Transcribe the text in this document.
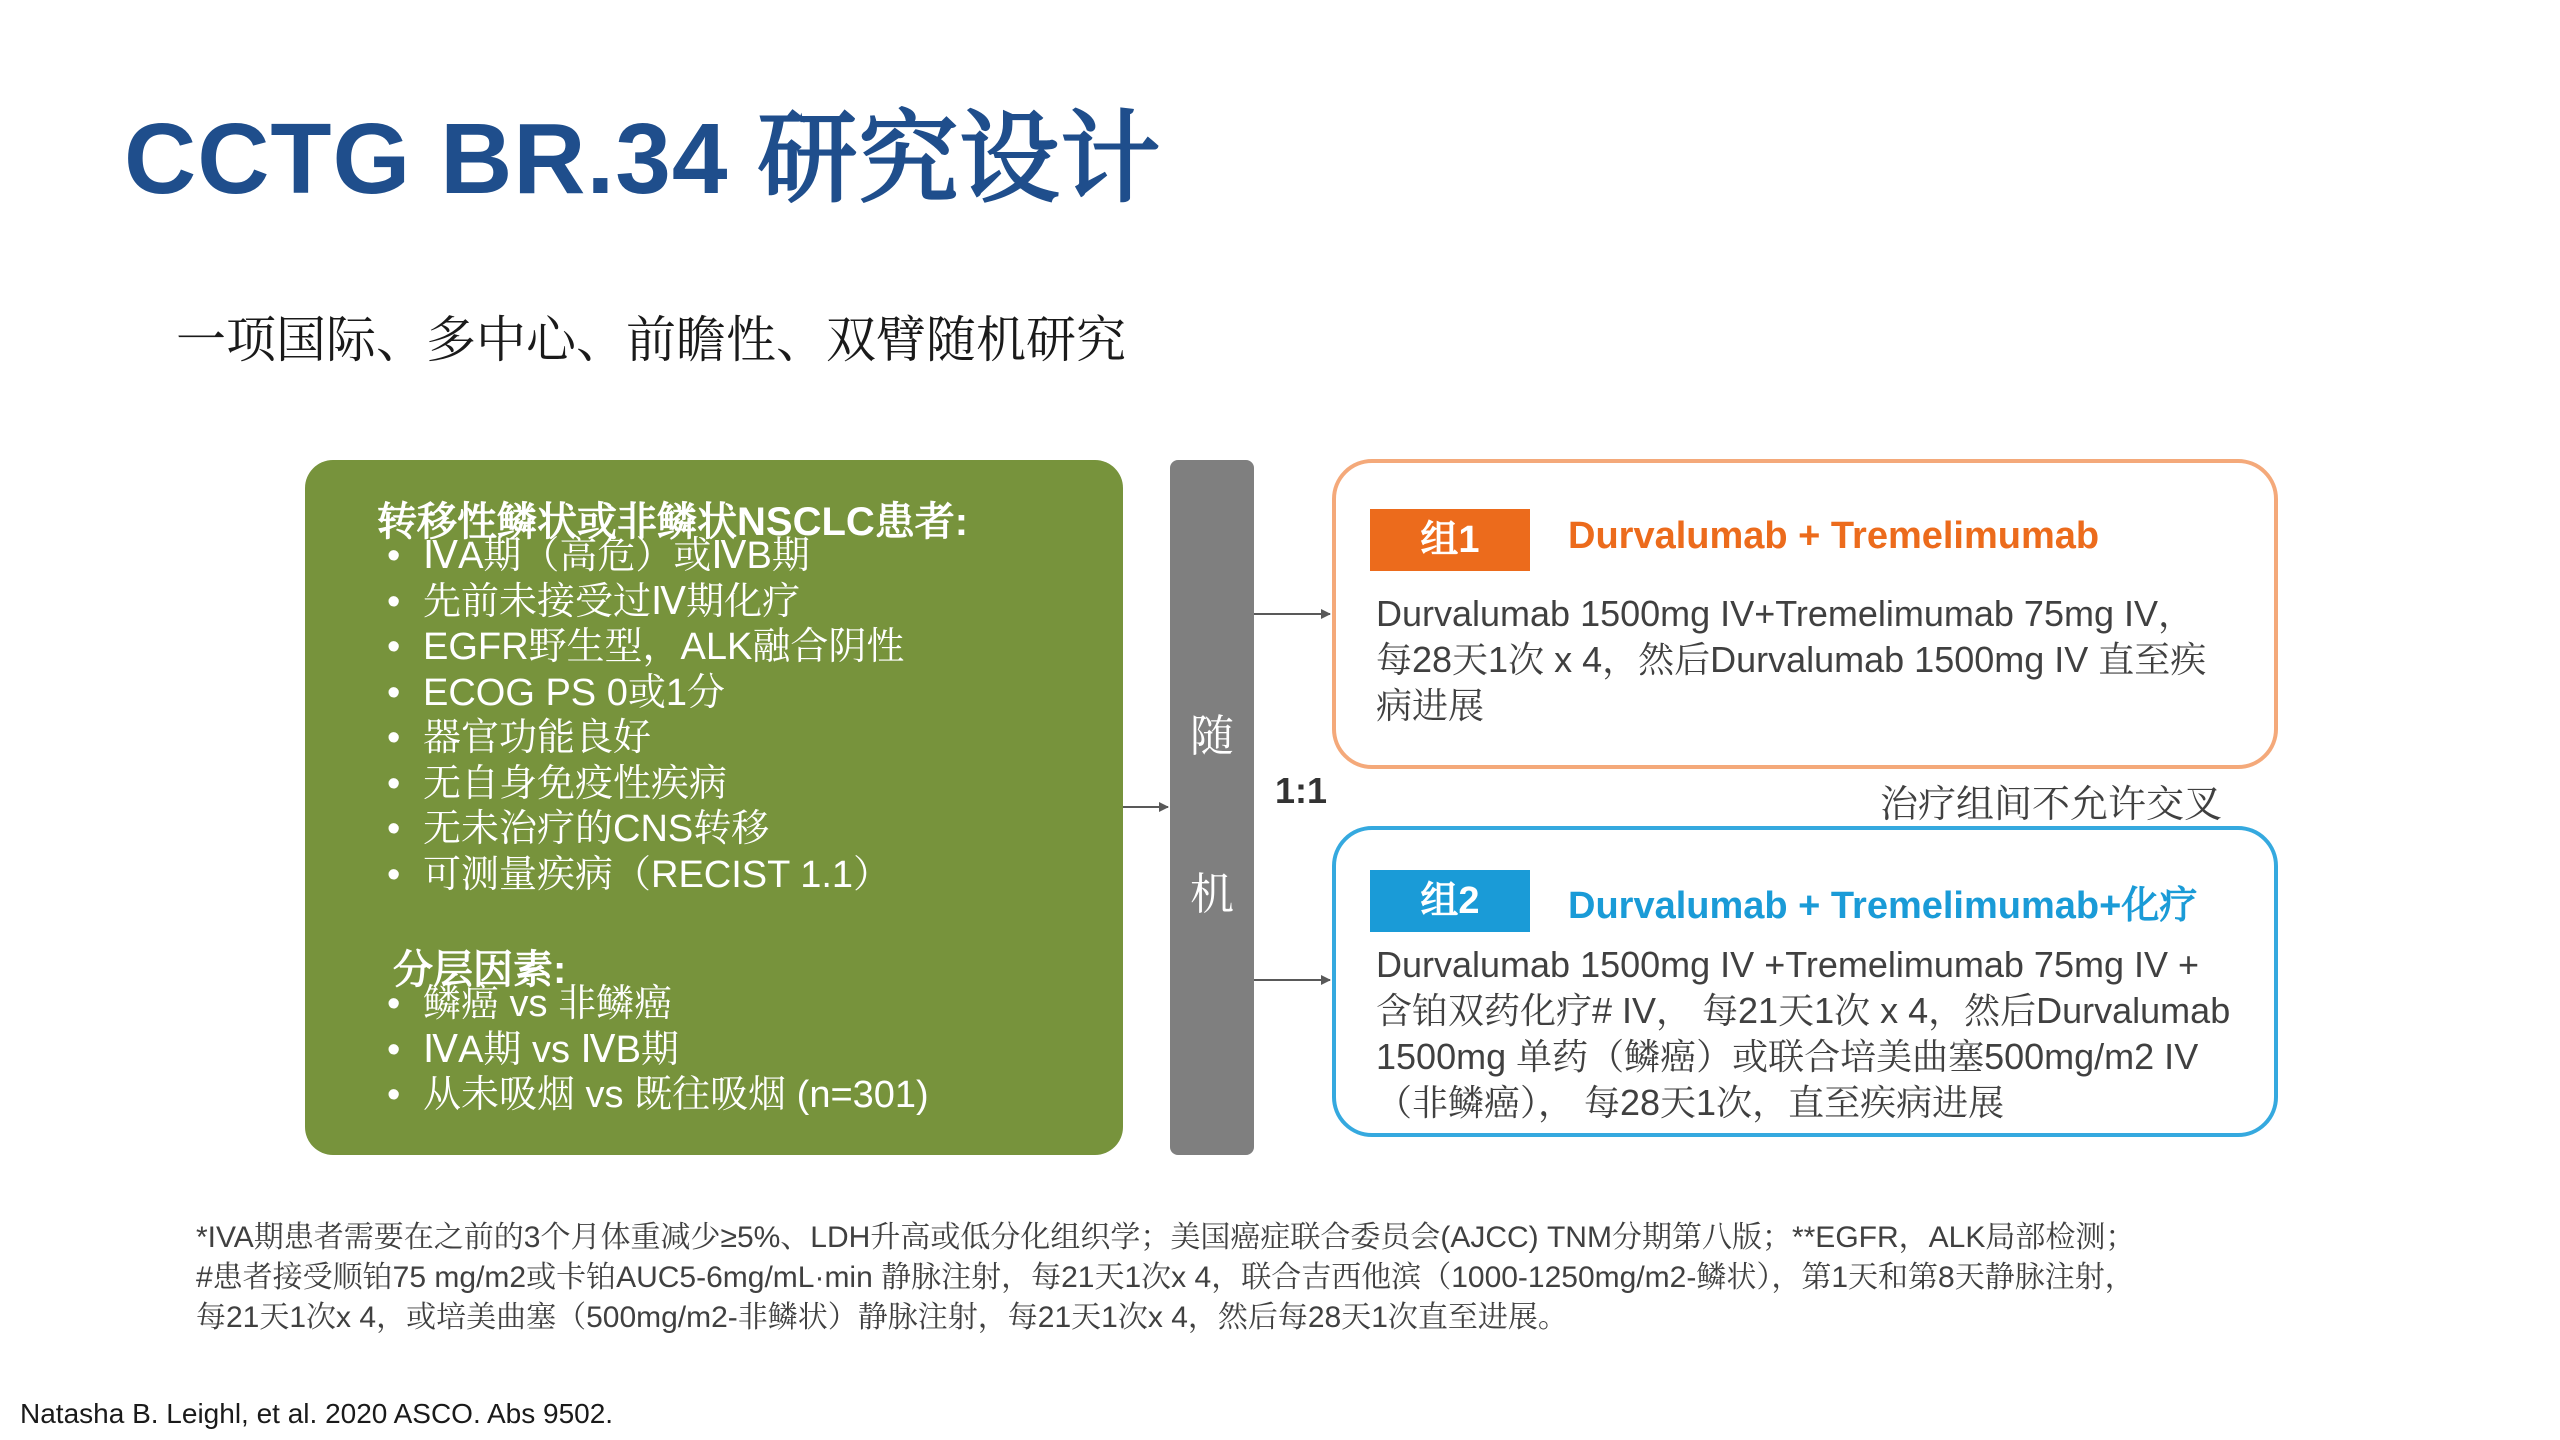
CCTG BR.34 研究设计
一项国际、多中心、前瞻性、双臂随机研究
转移性鳞状或非鳞状NSCLC患者:
• ⅣA期（高危）或ⅣB期
• 先前未接受过Ⅳ期化疗
• EGFR野生型，ALK融合阴性
• ECOG PS 0或1分
• 器官功能良好
• 无自身免疫性疾病
• 无未治疗的CNS转移
• 可测量疾病（RECIST 1.1）
分层因素:
• 鳞癌 vs 非鳞癌
• ⅣA期 vs ⅣB期
• 从未吸烟 vs 既往吸烟 (n=301)
随
机
1:1
组1	Durvalumab + Tremelimumab
Durvalumab 1500mg IV+Tremelimumab 75mg IV，
每28天1次 x 4，然后Durvalumab 1500mg IV 直至疾
病进展
治疗组间不允许交叉
组2	Durvalumab + Tremelimumab+化疗
Durvalumab 1500mg IV +Tremelimumab 75mg IV +
含铂双药化疗# IV， 每21天1次 x 4，然后Durvalumab
1500mg 单药（鳞癌）或联合培美曲塞500mg/m2 IV
（非鳞癌）， 每28天1次，直至疾病进展
*IVA期患者需要在之前的3个月体重减少≥5%、LDH升高或低分化组织学；美国癌症联合委员会(AJCC) TNM分期第八版；**EGFR，ALK局部检测；
#患者接受顺铂75 mg/m2或卡铂AUC5-6mg/mL·min 静脉注射，每21天1次x 4，联合吉西他滨（1000-1250mg/m2-鳞状），第1天和第8天静脉注射，
每21天1次x 4，或培美曲塞（500mg/m2-非鳞状）静脉注射，每21天1次x 4，然后每28天1次直至进展。
Natasha B. Leighl, et al. 2020 ASCO. Abs 9502.
